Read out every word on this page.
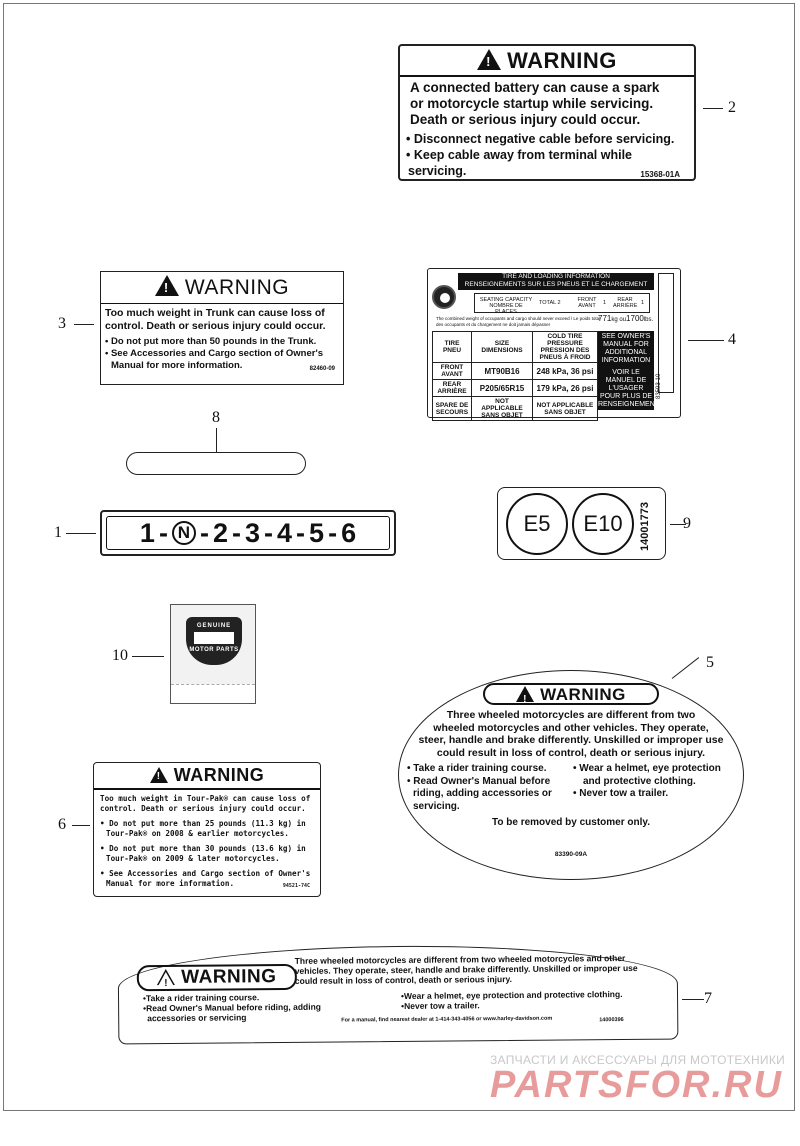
!WARNING
A connected battery can cause a spark
or motorcycle startup while servicing.
Death or serious injury could occur.
• Disconnect negative cable before servicing.
• Keep cable away from terminal while
servicing.	15368-01A
2
!WARNING
Too much weight in Trunk can cause loss of
control. Death or serious injury could occur.
• Do not put more than 50 pounds in the Trunk.
• See Accessories and Cargo section of Owner's
Manual for more information.	82460-09
3
TIRE AND LOADING INFORMATION
RENSEIGNEMENTS SUR LES PNEUS ET LE CHARGEMENT
SEATING CAPACITY NOMBRE DE PLACES
TOTAL 2	FRONT AVANT	1	REAR ARRIÈRE 1
The combined weight of occupants and cargo should never exceed / Le poids total des occupants et du chargement ne doit jamais dépasser
771kg ou1700lbs.
TIRE PNEU	SIZE DIMENSIONS	COLD TIRE PRESSURE PRESSION DES PNEUS À FROID
FRONT AVANT	MT90B16	248 kPa, 36 psi
REAR ARRIÈRE	P205/65R15	179 kPa, 26 psi
SPARE DE SECOURS	NOT APPLICABLE SANS OBJET	NOT APPLICABLE SANS OBJET
SEE OWNER'S MANUAL FOR ADDITIONAL INFORMATION
VOIR LE MANUEL DE L'USAGER POUR PLUS DE RENSEIGNEMENTS
83593-10
4
8
1 - N - 2 - 3 - 4 - 5 - 6
1	E5	E10	14001773 9
GENUINE
MOTOR PARTS
10
!WARNING
Three wheeled motorcycles are different from two
wheeled motorcycles and other vehicles. They operate,
steer, handle and brake differently. Unskilled or improper use
could result in loss of control, death or serious injury.
• Take a rider training course.
• Read Owner's Manual before
riding, adding accessories or
servicing.
• Wear a helmet, eye protection
and protective clothing.
• Never tow a trailer.
To be removed by customer only.
83390-09A
5
!WARNING
Too much weight in Tour-Pak® can cause loss of
control. Death or serious injury could occur.
• Do not put more than 25 pounds (11.3 kg) in
Tour-Pak® on 2008 & earlier motorcycles.
• Do not put more than 30 pounds (13.6 kg) in
Tour-Pak® on 2009 & later motorcycles.
• See Accessories and Cargo section of Owner's
Manual for more information.	94521-74C
6
!WARNING
Three wheeled motorcycles are different from two wheeled motorcycles and other
vehicles. They operate, steer, handle and brake differently. Unskilled or improper use
could result in loss of control, death or serious injury.
•Take a rider training course.
•Read Owner's Manual before riding, adding
accessories or servicing
•Wear a helmet, eye protection and protective clothing.
•Never tow a trailer.
For a manual, find nearest dealer at 1-414-343-4056 or www.harley-davidson.com	14000396
7
ЗАПЧАСТИ И АКСЕССУАРЫ ДЛЯ МОТОТЕХНИКИ
PARTSFOR.RU
